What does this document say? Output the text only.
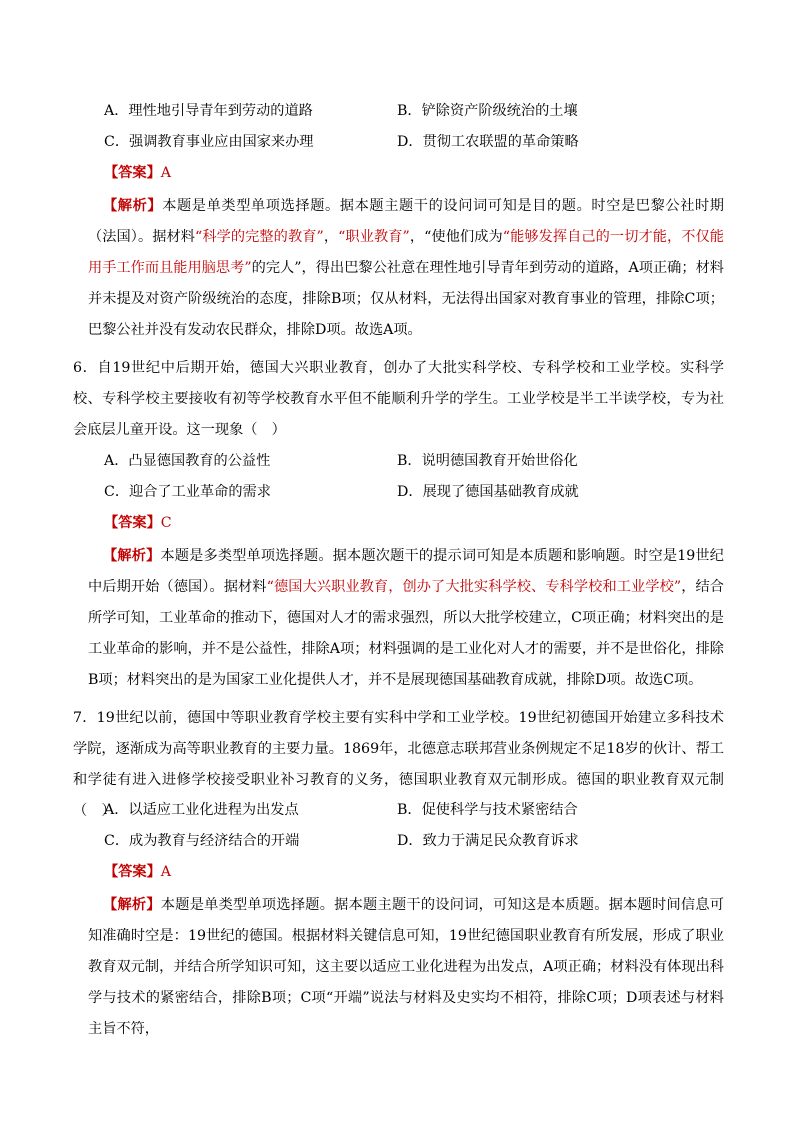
A．理性地引导青年到劳动的道路	B．铲除资产阶级统治的土壤
C．强调教育事业应由国家来办理	D．贯彻工农联盟的革命策略
【答案】A
【解析】本题是单类型单项选择题。据本题主题干的设问词可知是目的题。时空是巴黎公社时期（法国）。据材料“科学的完整的教育”，“职业教育”，“使他们成为“能够发挥自己的一切才能，不仅能用手工作而且能用脑思考”的完人”，得出巴黎公社意在理性地引导青年到劳动的道路，A项正确；材料并未提及对资产阶级统治的态度，排除B项；仅从材料，无法得出国家对教育事业的管理，排除C项；巴黎公社并没有发动农民群众，排除D项。故选A项。
6．自19世纪中后期开始，德国大兴职业教育，创办了大批实科学校、专科学校和工业学校。实科学校、专科学校主要接收有初等学校教育水平但不能顺利升学的学生。工业学校是半工半读学校，专为社会底层儿童开设。这一现象（　）
A．凸显德国教育的公益性	B．说明德国教育开始世俗化
C．迎合了工业革命的需求	D．展现了德国基础教育成就
【答案】C
【解析】本题是多类型单项选择题。据本题次题干的提示词可知是本质题和影响题。时空是19世纪中后期开始（德国）。据材料“德国大兴职业教育，创办了大批实科学校、专科学校和工业学校”，结合所学可知，工业革命的推动下，德国对人才的需求强烈，所以大批学校建立，C项正确；材料突出的是工业革命的影响，并不是公益性，排除A项；材料强调的是工业化对人才的需要，并不是世俗化，排除B项；材料突出的是为国家工业化提供人才，并不是展现德国基础教育成就，排除D项。故选C项。
7．19世纪以前，德国中等职业教育学校主要有实科中学和工业学校。19世纪初德国开始建立多科技术学院，逐渐成为高等职业教育的主要力量。1869年，北德意志联邦营业条例规定不足18岁的伙计、帮工和学徒有进入进修学校接受职业补习教育的义务，德国职业教育双元制形成。德国的职业教育双元制（　）
A．以适应工业化进程为出发点	B．促使科学与技术紧密结合
C．成为教育与经济结合的开端	D．致力于满足民众教育诉求
【答案】A
【解析】本题是单类型单项选择题。据本题主题干的设问词，可知这是本质题。据本题时间信息可知准确时空是：19世纪的德国。根据材料关键信息可知，19世纪德国职业教育有所发展，形成了职业教育双元制，并结合所学知识可知，这主要以适应工业化进程为出发点，A项正确；材料没有体现出科学与技术的紧密结合，排除B项；C项“开端”说法与材料及史实均不相符，排除C项；D项表述与材料主旨不符，
